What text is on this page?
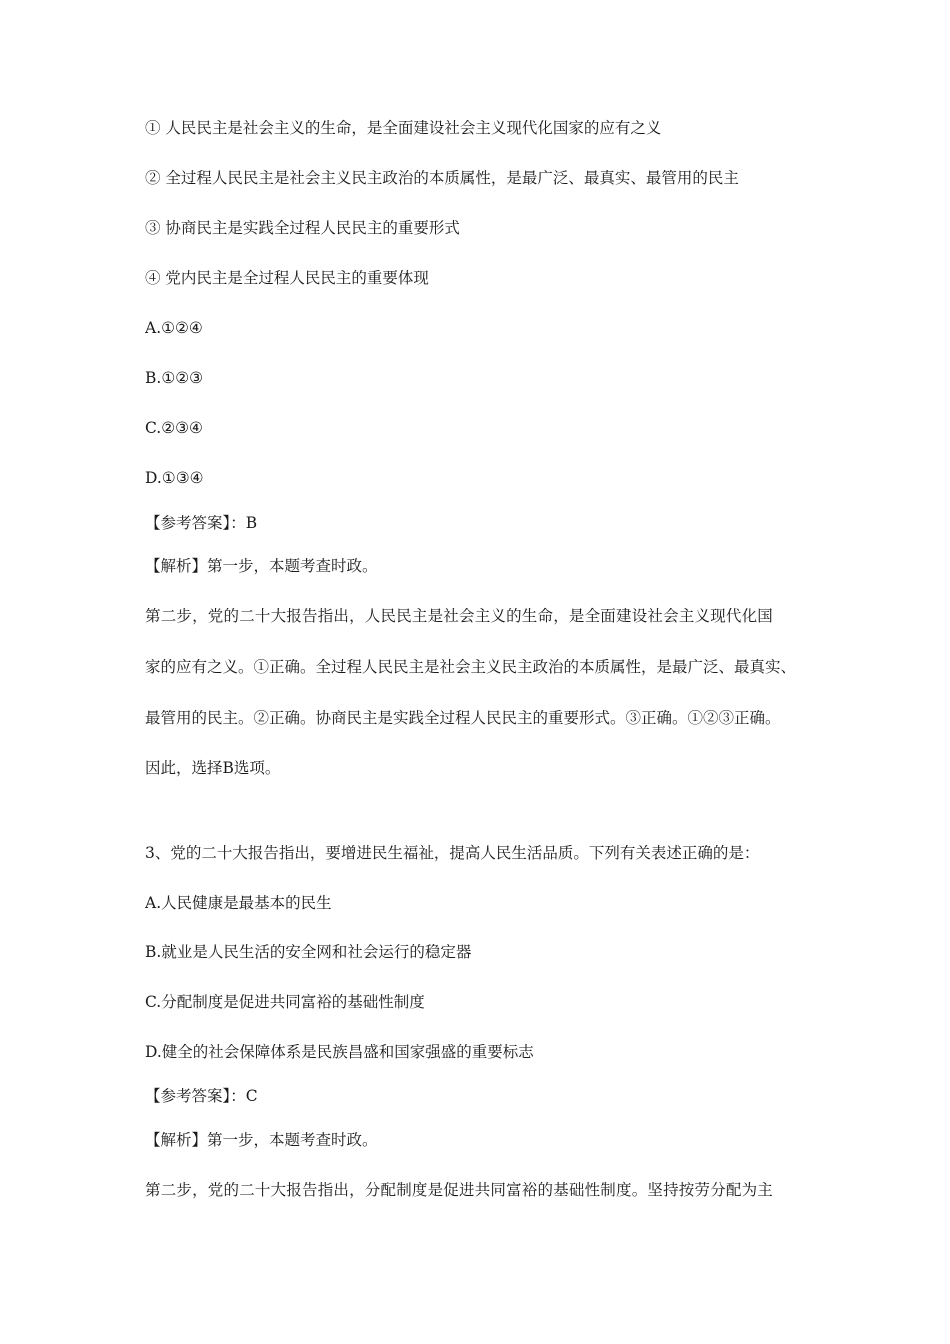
① 人民民主是社会主义的生命，是全面建设社会主义现代化国家的应有之义
② 全过程人民民主是社会主义民主政治的本质属性，是最广泛、最真实、最管用的民主
③ 协商民主是实践全过程人民民主的重要形式
④ 党内民主是全过程人民民主的重要体现
A.①②④
B.①②③
C.②③④
D.①③④
【参考答案】：B
【解析】第一步，本题考查时政。
第二步，党的二十大报告指出，人民民主是社会主义的生命，是全面建设社会主义现代化国
家的应有之义。①正确。全过程人民民主是社会主义民主政治的本质属性，是最广泛、最真实、
最管用的民主。②正确。协商民主是实践全过程人民民主的重要形式。③正确。①②③正确。
因此，选择B选项。
3、党的二十大报告指出，要增进民生福祉，提高人民生活品质。下列有关表述正确的是：
A.人民健康是最基本的民生
B.就业是人民生活的安全网和社会运行的稳定器
C.分配制度是促进共同富裕的基础性制度
D.健全的社会保障体系是民族昌盛和国家强盛的重要标志
【参考答案】：C
【解析】第一步，本题考查时政。
第二步，党的二十大报告指出，分配制度是促进共同富裕的基础性制度。坚持按劳分配为主
